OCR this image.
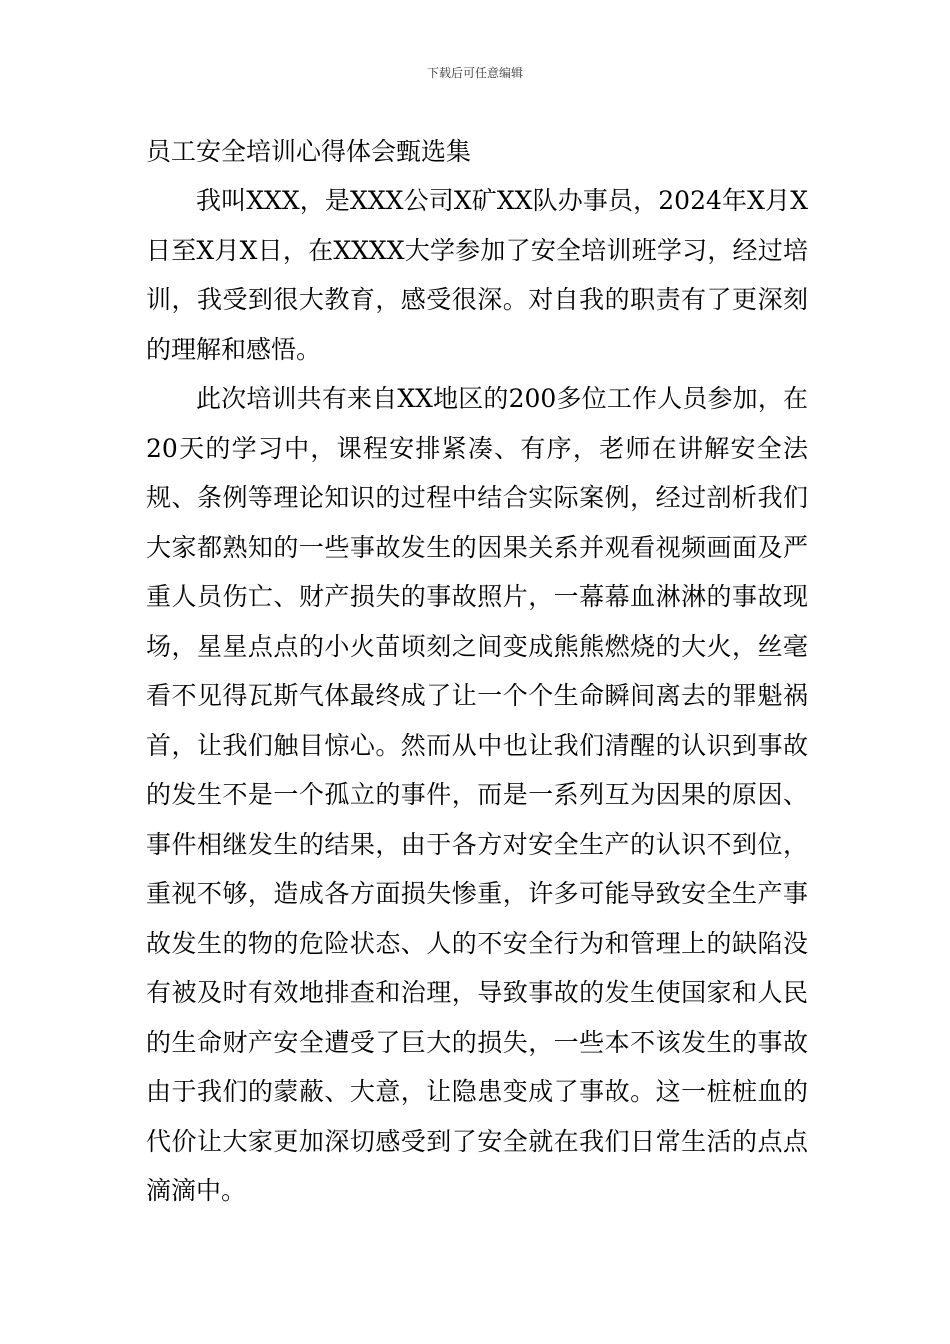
下载后可任意编辑
员工安全培训心得体会甄选集

我叫XXX，是XXX公司X矿XX队办事员，2024年X月X日至X月X日，在XXXX大学参加了安全培训班学习，经过培训，我受到很大教育，感受很深。对自我的职责有了更深刻的理解和感悟。

此次培训共有来自XX地区的200多位工作人员参加，在20天的学习中，课程安排紧凑、有序，老师在讲解安全法规、条例等理论知识的过程中结合实际案例，经过剖析我们大家都熟知的一些事故发生的因果关系并观看视频画面及严重人员伤亡、财产损失的事故照片，一幕幕血淋淋的事故现场，星星点点的小火苗顷刻之间变成熊熊燃烧的大火，丝毫看不见得瓦斯气体最终成了让一个个生命瞬间离去的罪魁祸首，让我们触目惊心。然而从中也让我们清醒的认识到事故的发生不是一个孤立的事件，而是一系列互为因果的原因、事件相继发生的结果，由于各方对安全生产的认识不到位，重视不够，造成各方面损失惨重，许多可能导致安全生产事故发生的物的危险状态、人的不安全行为和管理上的缺陷没有被及时有效地排查和治理，导致事故的发生使国家和人民的生命财产安全遭受了巨大的损失，一些本不该发生的事故由于我们的蒙蔽、大意，让隐患变成了事故。这一桩桩血的代价让大家更加深切感受到了安全就在我们日常生活的点点滴滴中。
